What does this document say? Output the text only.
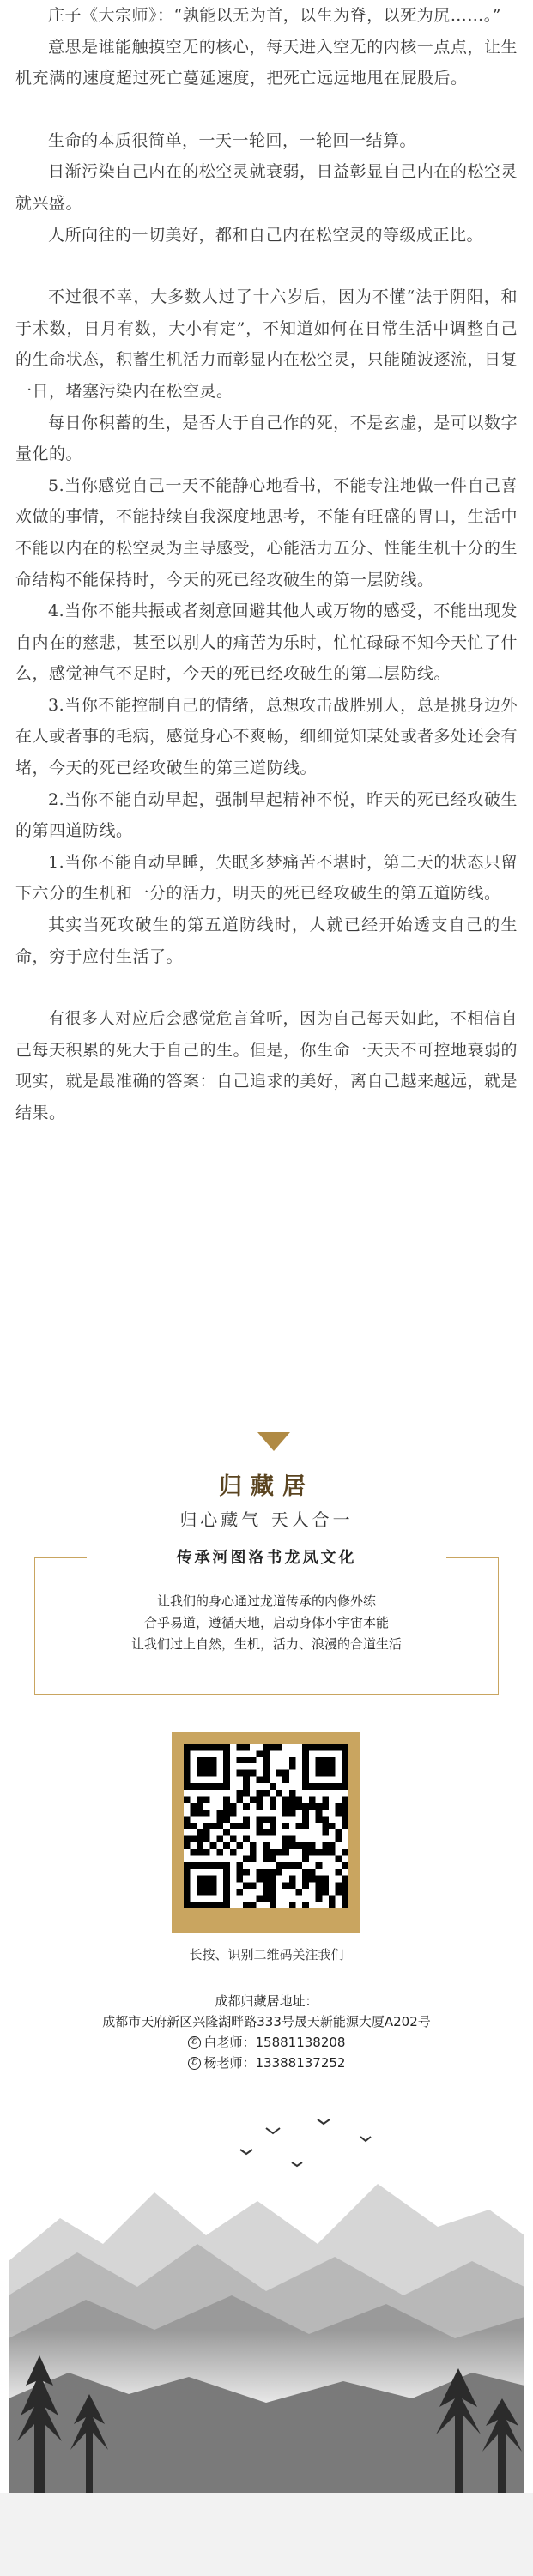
庄子《大宗师》：“孰能以无为首，以生为脊，以死为尻……。”

意思是谁能触摸空无的核心，每天进入空无的内核一点点，让生机充满的速度超过死亡蔓延速度，把死亡远远地甩在屁股后。

生命的本质很简单，一天一轮回，一轮回一结算。

日渐污染自己内在的松空灵就衰弱，日益彰显自己内在的松空灵就兴盛。

人所向往的一切美好，都和自己内在松空灵的等级成正比。

不过很不幸，大多数人过了十六岁后，因为不懂“法于阴阳，和于术数，日月有数，大小有定”，不知道如何在日常生活中调整自己的生命状态，积蓄生机活力而彰显内在松空灵，只能随波逐流，日复一日，堵塞污染内在松空灵。

每日你积蓄的生，是否大于自己作的死，不是玄虚，是可以数字量化的。

5.当你感觉自己一天不能静心地看书，不能专注地做一件自己喜欢做的事情，不能持续自我深度地思考，不能有旺盛的胃口，生活中不能以内在的松空灵为主导感受，心能活力五分、性能生机十分的生命结构不能保持时，今天的死已经攻破生的第一层防线。

4.当你不能共振或者刻意回避其他人或万物的感受，不能出现发自内在的慈悲，甚至以别人的痛苦为乐时，忙忙碌碌不知今天忙了什么，感觉神气不足时，今天的死已经攻破生的第二层防线。

3.当你不能控制自己的情绪，总想攻击战胜别人，总是挑身边外在人或者事的毛病，感觉身心不爽畅，细细觉知某处或者多处还会有堵，今天的死已经攻破生的第三道防线。

2.当你不能自动早起，强制早起精神不悦，昨天的死已经攻破生的第四道防线。

1.当你不能自动早睡，失眠多梦痛苦不堪时，第二天的状态只留下六分的生机和一分的活力，明天的死已经攻破生的第五道防线。

其实当死攻破生的第五道防线时，人就已经开始透支自己的生命，穷于应付生活了。

有很多人对应后会感觉危言耸听，因为自己每天如此，不相信自己每天积累的死大于自己的生。但是，你生命一天天不可控地衰弱的现实，就是最准确的答案：自己追求的美好，离自己越来越远，就是结果。

归藏居
归心藏气 天人合一
传承河图洛书龙凤文化
让我们的身心通过龙道传承的内修外练
合乎易道，遵循天地，启动身体小宇宙本能
让我们过上自然，生机，活力、浪漫的合道生活
长按、识别二维码关注我们
成都归藏居地址：
成都市天府新区兴隆湖畔路333号晟天新能源大厦A202号
✆ 白老师：15881138208
✆ 杨老师：13388137252
